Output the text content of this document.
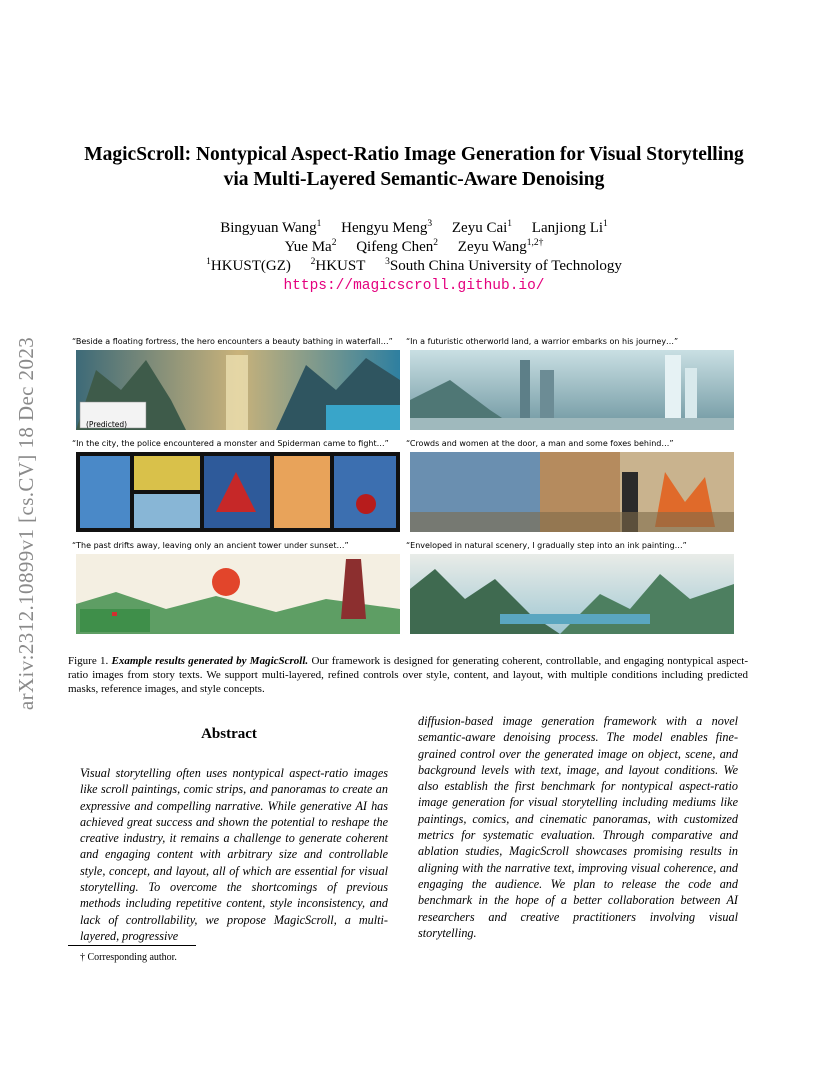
arXiv:2312.10899v1 [cs.CV] 18 Dec 2023
MagicScroll: Nontypical Aspect-Ratio Image Generation for Visual Storytelling
via Multi-Layered Semantic-Aware Denoising
Bingyuan Wang$^1$ Hengyu Meng$^3$ Zeyu Cai$^1$ Lanjiong Li$^1$
Yue Ma$^2$ Qifeng Chen$^2$ Zeyu Wang$^{1,2\dagger}$
$^1$HKUST(GZ) $^2$HKUST $^3$South China University of Technology
https://magicscroll.github.io/
“Beside a floating fortress, the hero encounters a beauty bathing in waterfall…”
(Predicted)
“In a futuristic otherworld land, a warrior embarks on his journey…”
“In the city, the police encountered a monster and Spiderman came to fight…”	“Crowds and women at the door, a man and some foxes behind…”
“The past drifts away, leaving only an ancient tower under sunset…”	“Enveloped in natural scenery, I gradually step into an ink painting…”
Figure 1. Example results generated by MagicScroll. Our framework is designed for generating coherent, controllable, and engaging nontypical aspect-ratio images from story texts. We support multi-layered, refined controls over style, content, and layout, with multiple conditions including predicted masks, reference images, and style concepts.
Abstract
Visual storytelling often uses nontypical aspect-ratio images like scroll paintings, comic strips, and panoramas to create an expressive and compelling narrative. While generative AI has achieved great success and shown the potential to reshape the creative industry, it remains a challenge to generate coherent and engaging content with arbitrary size and controllable style, concept, and layout, all of which are essential for visual storytelling. To overcome the shortcomings of previous methods including repetitive content, style inconsistency, and lack of controllability, we propose MagicScroll, a multi-layered, progressive
diffusion-based image generation framework with a novel semantic-aware denoising process. The model enables fine-grained control over the generated image on object, scene, and background levels with text, image, and layout conditions. We also establish the first benchmark for nontypical aspect-ratio image generation for visual storytelling including mediums like paintings, comics, and cinematic panoramas, with customized metrics for systematic evaluation. Through comparative and ablation studies, MagicScroll showcases promising results in aligning with the narrative text, improving visual coherence, and engaging the audience. We plan to release the code and benchmark in the hope of a better collaboration between AI researchers and creative practitioners involving visual storytelling.
† Corresponding author.
